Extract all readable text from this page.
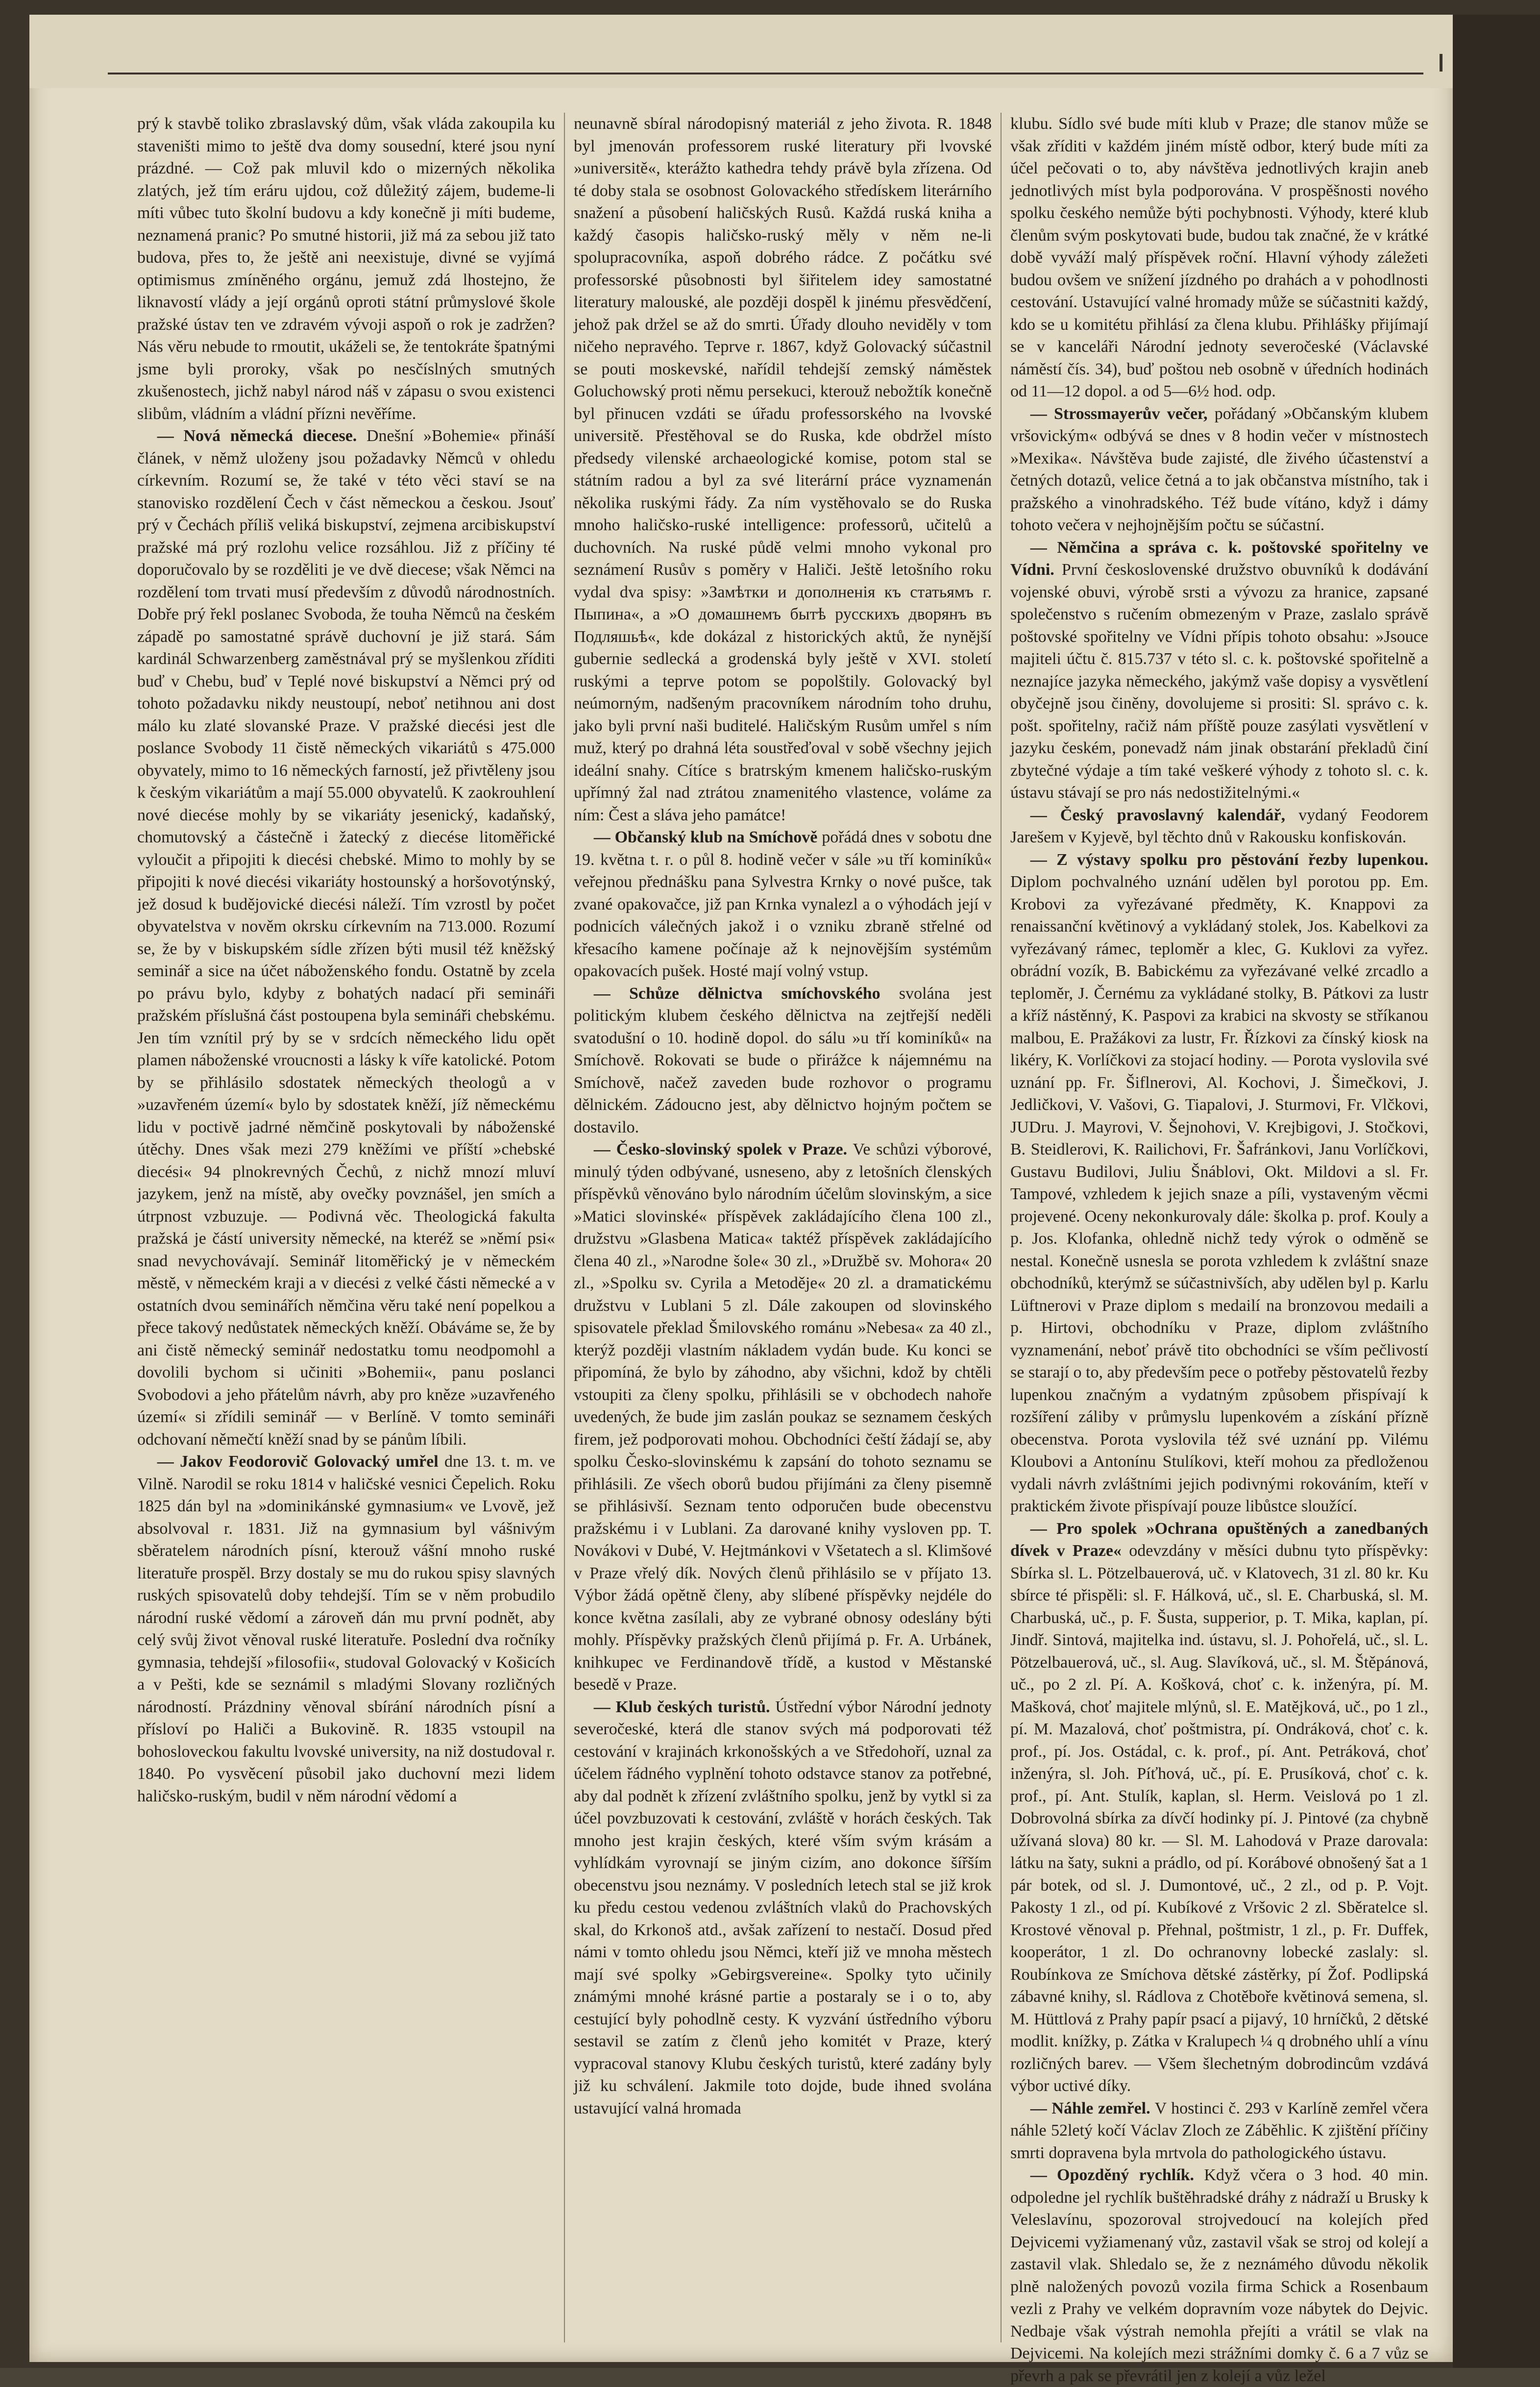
prý k stavbě toliko zbraslavský dům, však vláda zakoupila ku staveništi mimo to ještě dva domy sousední, které jsou nyní prázdné. — Což pak mluvil kdo o mizerných několika zlatých, jež tím eráru ujdou, což důležitý zájem, budeme-li míti vůbec tuto školní budovu a kdy konečně ji míti budeme, neznamená pranic? Po smutné historii, již má za sebou již tato budova, přes to, že ještě ani neexistuje, divné se vyjímá optimismus zmíněného orgánu, jemuž zdá lhostejno, že liknavostí vlády a její orgánů oproti státní průmyslové škole pražské ústav ten ve zdravém vývoji aspoň o rok je zadržen? Nás věru nebude to rmoutit, ukáželi se, že tentokráte špatnými jsme byli proroky, však po nesčíslných smutných zkušenostech, jichž nabyl národ náš v zápasu o svou existenci slibům, vládním a vládní přízni nevěříme.

— Nová německá diecese. Dnešní »Bohemie« přináší článek, v němž uloženy jsou požadavky Němců v ohledu církevním. Rozumí se, že také v této věci staví se na stanovisko rozdělení Čech v část německou a českou. Jsouť prý v Čechách příliš veliká biskupství, zejmena arcibiskupství pražské má prý rozlohu velice rozsáhlou. Již z příčiny té doporučovalo by se rozděliti je ve dvě diecese; však Němci na rozdělení tom trvati musí především z důvodů národnostních. Dobře prý řekl poslanec Svoboda, že touha Němců na českém západě po samostatné správě duchovní je již stará. Sám kardinál Schwarzenberg zaměstnával prý se myšlenkou zříditi buď v Chebu, buď v Teplé nové biskupství a Němci prý od tohoto požadavku nikdy neustoupí, neboť netihnou ani dost málo ku zlaté slovanské Praze. V pražské diecési jest dle poslance Svobody 11 čistě německých vikariátů s 475.000 obyvately, mimo to 16 německých farností, jež přivtěleny jsou k českým vikariátům a mají 55.000 obyvatelů. K zaokrouhlení nové diecése mohly by se vikariáty jesenický, kadaňský, chomutovský a částečně i žatecký z diecése litoměřické vyloučit a připojiti k diecési chebské. Mimo to mohly by se připojiti k nové diecési vikariáty hostounský a horšovotýnský, jež dosud k budějovické diecési náleží. Tím vzrostl by počet obyvatelstva v nověm okrsku církevním na 713.000. Rozumí se, že by v biskupském sídle zřízen býti musil též kněžský seminář a sice na účet náboženského fondu. Ostatně by zcela po právu bylo, kdyby z bohatých nadací při semináři pražském příslušná část postoupena byla semináři chebskému. Jen tím vznítil prý by se v srdcích německého lidu opět plamen náboženské vroucnosti a lásky k víře katolické. Potom by se přihlásilo sdostatek německých theologů a v »uzavřeném území« bylo by sdostatek kněží, jíž německému lidu v poctivě jadrné němčině poskytovali by náboženské útěchy. Dnes však mezi 279 kněžími ve příští »chebské diecési« 94 plnokrevných Čechů, z nichž mnozí mluví jazykem, jenž na místě, aby ovečky povznášel, jen smích a útrpnost vzbuzuje. — Podivná věc. Theologická fakulta pražská je částí university německé, na kteréž se »němí psi« snad nevychovávají. Seminář litoměřický je v německém městě, v německém kraji a v diecési z velké části německé a v ostatních dvou seminářích němčina věru také není popelkou a přece takový nedůstatek německých kněží. Obáváme se, že by ani čistě německý seminář nedostatku tomu neodpomohl a dovolili bychom si učiniti »Bohemii«, panu poslanci Svobodovi a jeho přátelům návrh, aby pro kněze »uzavřeného území« si zřídili seminář — v Berlíně. V tomto semináři odchovaní němečtí kněží snad by se pánům líbili.

— Jakov Feodorovič Golovacký umřel dne 13. t. m. ve Vilně. Narodil se roku 1814 v haličské vesnici Čepelich. Roku 1825 dán byl na »dominikánské gymnasium« ve Lvově, jež absolvoval r. 1831. Již na gymnasium byl vášnivým sběratelem národních písní, kterouž vášní mnoho ruské literatuře prospěl. Brzy dostaly se mu do rukou spisy slavných ruských spisovatelů doby tehdejší. Tím se v něm probudilo národní ruské vědomí a zároveň dán mu první podnět, aby celý svůj život věnoval ruské literatuře. Poslední dva ročníky gymnasia, tehdejší »filosofii«, studoval Golovacký v Košicích a v Pešti, kde se seznámil s mladými Slovany rozličných národností. Prázdniny věnoval sbírání národních písní a přísloví po Haliči a Bukovině. R. 1835 vstoupil na bohosloveckou fakultu lvovské university, na niž dostudoval r. 1840. Po vysvěcení působil jako duchovní mezi lidem haličsko-ruským, budil v něm národní vědomí a

neunavně sbíral národopisný materiál z jeho života. R. 1848 byl jmenován professorem ruské literatury při lvovské »universitě«, kterážto kathedra tehdy právě byla zřízena. Od té doby stala se osobnost Golovackého středískem literárního snažení a působení haličských Rusů. Každá ruská kniha a každý časopis haličsko-ruský měly v něm ne-li spolupracovníka, aspoň dobrého rádce. Z počátku své professorské působnosti byl šiřitelem idey samostatné literatury malouské, ale později dospěl k jinému přesvědčení, jehož pak držel se až do smrti. Úřady dlouho neviděly v tom ničeho nepravého. Teprve r. 1867, když Golovacký súčastnil se pouti moskevské, nařídil tehdejší zemský náměstek Goluchowský proti němu persekuci, kterouž nebožtík konečně byl přinucen vzdáti se úřadu professorského na lvovské universitě. Přestěhoval se do Ruska, kde obdržel místo předsedy vilenské archaeologické komise, potom stal se státním radou a byl za své literární práce vyznamenán několika ruskými řády. Za ním vystěhovalo se do Ruska mnoho haličsko-ruské intelligence: professorů, učitelů a duchovních. Na ruské půdě velmi mnoho vykonal pro seznámení Rusův s poměry v Haliči. Ještě letošního roku vydal dva spisy: »Замѣтки и дополненія къ статьямъ г. Пыпина«, a »О домашнемъ бытѣ русскихъ дворянъ въ Подляшьѣ«, kde dokázal z historických aktů, že nynější gubernie sedlecká a grodenská byly ještě v XVI. století ruskými a teprve potom se popolštily. Golovacký byl neúmorným, nadšeným pracovníkem národním toho druhu, jako byli první naši buditelé. Haličským Rusům umřel s ním muž, který po drahná léta soustřeďoval v sobě všechny jejich ideální snahy. Cítíce s bratrským kmenem haličsko-ruským upřímný žal nad ztrátou znamenitého vlastence, voláme za ním: Čest a sláva jeho památce!

— Občanský klub na Smíchově pořádá dnes v sobotu dne 19. května t. r. o půl 8. hodině večer v sále »u tří kominíků« veřejnou přednášku pana Sylvestra Krnky o nové pušce, tak zvané opakovačce, již pan Krnka vynalezl a o výhodách její v podnicích válečných jakož i o vzniku zbraně střelné od křesacího kamene počínaje až k nejnovějším systémům opakovacích pušek. Hosté mají volný vstup.

— Schůze dělnictva smíchovského svolána jest politickým klubem českého dělnictva na zejtřejší neděli svatodušní o 10. hodině dopol. do sálu »u tří kominíků« na Smíchově. Rokovati se bude o přirážce k nájemnému na Smíchově, načež zaveden bude rozhovor o programu dělnickém. Zádoucno jest, aby dělnictvo hojným počtem se dostavilo.

— Česko-slovinský spolek v Praze. Ve schůzi výborové, minulý týden odbývané, usneseno, aby z letošních členských příspěvků věnováno bylo národním účelům slovinským, a sice »Matici slovinské« příspěvek zakládajícího člena 100 zl., družstvu »Glasbena Matica« taktéž příspěvek zakládajícího člena 40 zl., »Narodne šole« 30 zl., »Družbě sv. Mohora« 20 zl., »Spolku sv. Cyrila a Metoděje« 20 zl. a dramatickému družstvu v Lublani 5 zl. Dále zakoupen od slovinského spisovatele překlad Šmilovského románu »Nebesa« za 40 zl., kterýž později vlastním nákladem vydán bude. Ku konci se připomíná, že bylo by záhodno, aby všichni, kdož by chtěli vstoupiti za členy spolku, přihlásili se v obchodech nahoře uvedených, že bude jim zaslán poukaz se seznamem českých firem, jež podporovati mohou. Obchodníci čeští žádají se, aby spolku Česko-slovinskému k zapsání do tohoto seznamu se přihlásili. Ze všech oborů budou přijímáni za členy pisemně se přihlásivší. Seznam tento odporučen bude obecenstvu pražskému i v Lublani. Za darované knihy vysloven pp. T. Novákovi v Dubé, V. Hejtmánkovi v Všetatech a sl. Klimšové v Praze vřelý dík. Nových členů přihlásilo se v příjato 13. Výbor žádá opětně členy, aby slíbené příspěvky nejdéle do konce května zasílali, aby ze vybrané obnosy odeslány býti mohly. Příspěvky pražských členů přijímá p. Fr. A. Urbánek, knihkupec ve Ferdinandově třídě, a kustod v Městanské besedě v Praze.

— Klub českých turistů. Ústřední výbor Národní jednoty severočeské, která dle stanov svých má podporovati též cestování v krajinách krkonošských a ve Středohoří, uznal za účelem řádného vyplnění tohoto odstavce stanov za potřebné, aby dal podnět k zřízení zvláštního spolku, jenž by vytkl si za účel povzbuzovati k cestování, zvláště v horách českých. Tak mnoho jest krajin českých, které vším svým krásám a vyhlídkám vyrovnají se jiným cizím, ano dokonce šířším obecenstvu jsou neznámy. V posledních letech stal se již krok ku předu cestou vedenou zvláštních vlaků do Prachovských skal, do Krkonoš atd., avšak zařízení to nestačí. Dosud před námi v tomto ohledu jsou Němci, kteří již ve mnoha městech mají své spolky »Gebirgsvereine«. Spolky tyto učinily známými mnohé krásné partie a postaraly se i o to, aby cestující byly pohodlně cesty. K vyzvání ústředního výboru sestavil se zatím z členů jeho komitét v Praze, který vypracoval stanovy Klubu českých turistů, které zadány byly již ku schválení. Jakmile toto dojde, bude ihned svolána ustavující valná hromada

klubu. Sídlo své bude míti klub v Praze; dle stanov může se však zříditi v každém jiném místě odbor, který bude míti za účel pečovati o to, aby návštěva jednotlivých krajin aneb jednotlivých míst byla podporována. V prospěšnosti nového spolku českého nemůže býti pochybnosti. Výhody, které klub členům svým poskytovati bude, budou tak značné, že v krátké době vyváží malý příspěvek roční. Hlavní výhody záležeti budou ovšem ve snížení jízdného po drahách a v pohodlnosti cestování. Ustavující valné hromady může se súčastniti každý, kdo se u komitétu přihlásí za člena klubu. Přihlášky přijímají se v kanceláři Národní jednoty severočeské (Václavské náměstí čís. 34), buď poštou neb osobně v úředních hodinách od 11—12 dopol. a od 5—6½ hod. odp.

— Strossmayerův večer, pořádaný »Občanským klubem vršovickým« odbývá se dnes v 8 hodin večer v místnostech »Mexika«. Návštěva bude zajisté, dle živého účastenství a četných dotazů, velice četná a to jak občanstva místního, tak i pražského a vinohradského. Též bude vítáno, když i dámy tohoto večera v nejhojnějším počtu se súčastní.

— Němčina a správa c. k. poštovské spořitelny ve Vídni. První československé družstvo obuvníků k dodávání vojenské obuvi, výrobě srsti a vývozu za hranice, zapsané společenstvo s ručením obmezeným v Praze, zaslalo správě poštovské spořitelny ve Vídni přípis tohoto obsahu: »Jsouce majiteli účtu č. 815.737 v této sl. c. k. poštovské spořitelně a neznajíce jazyka německého, jakýmž vaše dopisy a vysvětlení obyčejně jsou činěny, dovolujeme si prositi: Sl. správo c. k. pošt. spořitelny, račiž nám příště pouze zasýlati vysvětlení v jazyku českém, ponevadž nám jinak obstarání překladů činí zbytečné výdaje a tím také veškeré výhody z tohoto sl. c. k. ústavu stávají se pro nás nedostižitelnými.«

— Český pravoslavný kalendář, vydaný Feodorem Jarešem v Kyjevě, byl těchto dnů v Rakousku konfiskován.

— Z výstavy spolku pro pěstování řezby lupenkou. Diplom pochvalného uznání udělen byl porotou pp. Em. Krobovi za vyřezávané předměty, K. Knappovi za renaissanční květinový a vykládaný stolek, Jos. Kabelkovi za vyřezávaný rámec, teploměr a klec, G. Kuklovi za vyřez. obrádní vozík, B. Babickému za vyřezávané velké zrcadlo a teploměr, J. Černému za vykládané stolky, B. Pátkovi za lustr a kříž nástěnný, K. Paspovi za krabici na skvosty se stříkanou malbou, E. Pražákovi za lustr, Fr. Řízkovi za čínský kiosk na likéry, K. Vorlíčkovi za stojací hodiny. — Porota vyslovila své uznání pp. Fr. Šiflnerovi, Al. Kochovi, J. Šimečkovi, J. Jedličkovi, V. Vašovi, G. Tiapalovi, J. Sturmovi, Fr. Vlčkovi, JUDru. J. Mayrovi, V. Šejnohovi, V. Krejbigovi, J. Stočkovi, B. Steidlerovi, K. Railichovi, Fr. Šafránkovi, Janu Vorlíčkovi, Gustavu Budilovi, Juliu Šnáblovi, Okt. Mildovi a sl. Fr. Tampové, vzhledem k jejich snaze a píli, vystaveným věcmi projevené. Oceny nekonkurovaly dále: školka p. prof. Kouly a p. Jos. Klofanka, ohledně nichž tedy výrok o odměně se nestal. Konečně usnesla se porota vzhledem k zvláštní snaze obchodníků, kterýmž se súčastnivších, aby udělen byl p. Karlu Lüftnerovi v Praze diplom s medailí na bronzovou medaili a p. Hirtovi, obchodníku v Praze, diplom zvláštního vyznamenání, neboť právě tito obchodníci se vším pečlivostí se starají o to, aby především pece o potřeby pěstovatelů řezby lupenkou značným a vydatným způsobem přispívají k rozšíření záliby v průmyslu lupenkovém a získání přízně obecenstva. Porota vyslovila též své uznání pp. Vilému Kloubovi a Antonínu Stulíkovi, kteří mohou za předloženou vydali návrh zvláštními jejich podivnými rokováním, kteří v praktickém živote přispívají pouze libůstce sloužící.

— Pro spolek »Ochrana opuštěných a zanedbaných dívek v Praze« odevzdány v měsíci dubnu tyto příspěvky: Sbírka sl. L. Pötzelbauerová, uč. v Klatovech, 31 zl. 80 kr. Ku sbírce té přispěli: sl. F. Hálková, uč., sl. E. Charbuská, sl. M. Charbuská, uč., p. F. Šusta, supperior, p. T. Mika, kaplan, pí. Jindř. Sintová, majitelka ind. ústavu, sl. J. Pohořelá, uč., sl. L. Pötzelbauerová, uč., sl. Aug. Slavíková, uč., sl. M. Štěpánová, uč., po 2 zl. Pí. A. Košková, choť c. k. inženýra, pí. M. Mašková, choť majitele mlýnů, sl. E. Matějková, uč., po 1 zl., pí. M. Mazalová, choť poštmistra, pí. Ondráková, choť c. k. prof., pí. Jos. Ostádal, c. k. prof., pí. Ant. Petráková, choť inženýra, sl. Joh. Píťhová, uč., pí. E. Prusíková, choť c. k. prof., pí. Ant. Stulík, kaplan, sl. Herm. Veislová po 1 zl. Dobrovolná sbírka za dívčí hodinky pí. J. Pintové (za chybně užívaná slova) 80 kr. — Sl. M. Lahodová v Praze darovala: látku na šaty, sukni a prádlo, od pí. Korábové obnošený šat a 1 pár botek, od sl. J. Dumontové, uč., 2 zl., od p. P. Vojt. Pakosty 1 zl., od pí. Kubíkové z Vršovic 2 zl. Sběratelce sl. Krostové věnoval p. Přehnal, poštmistr, 1 zl., p. Fr. Duffek, kooperátor, 1 zl. Do ochranovny lobecké zaslaly: sl. Roubínkova ze Smíchova dětské zástěrky, pí Žof. Podlipská zábavné knihy, sl. Rádlova z Chotěboře květinová semena, sl. M. Hüttlová z Prahy papír psací a pijavý, 10 hrníčků, 2 dětské modlit. knížky, p. Zátka v Kralupech ¼ q drobného uhlí a vínu rozličných barev. — Všem šlechetným dobrodincům vzdává výbor uctivé díky.

— Náhle zemřel. V hostinci č. 293 v Karlíně zemřel včera náhle 52letý kočí Václav Zloch ze Záběhlic. K zjištění příčiny smrti dopravena byla mrtvola do pathologického ústavu.

— Opozděný rychlík. Když včera o 3 hod. 40 min. odpoledne jel rychlík buštěhradské dráhy z nádraží u Brusky k Veleslavínu, spozoroval strojvedoucí na kolejích před Dejvicemi vyžiamenaný vůz, zastavil však se stroj od kolejí a zastavil vlak. Shledalo se, že z neznámého důvodu několik plně naložených povozů vozila firma Schick a Rosenbaum vezli z Prahy ve velkém dopravním voze nábytek do Dejvic. Nedbaje však výstrah nemohla přejíti a vrátil se vlak na Dejvicemi. Na kolejích mezi strážními domky č. 6 a 7 vůz se převrh a pak se převrátil jen z kolejí a vůz ležel
